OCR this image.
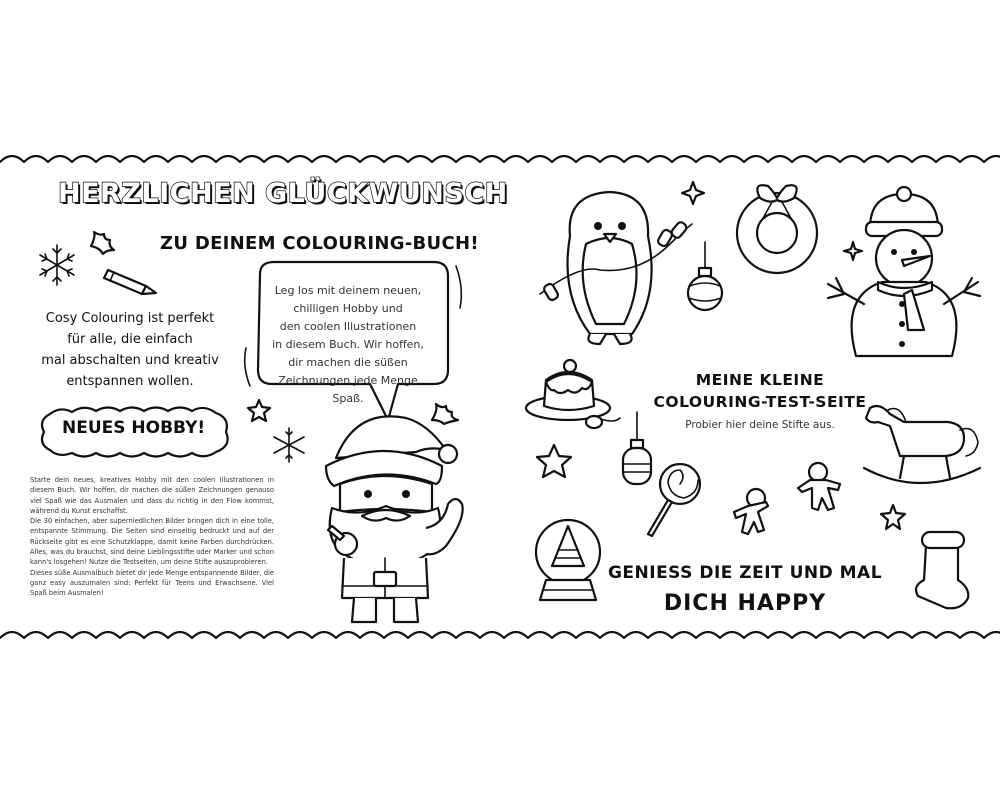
HERZLICHEN GLÜCKWUNSCH
ZU DEINEM COLOURING-BUCH!
Cosy Colouring ist perfekt
für alle, die einfach
mal abschalten und kreativ
entspannen wollen.
NEUES HOBBY!
Leg los mit deinem neuen,
chilligen Hobby und
den coolen Illustrationen
in diesem Buch. Wir hoffen,
dir machen die süßen
Zeichnungen jede Menge Spaß.

Starte dein neues, kreatives Hobby mit den coolen Illustrationen in diesem Buch. Wir hoffen, dir machen die süßen Zeichnungen genauso viel Spaß wie das Ausmalen und dass du richtig in den Flow kommst, während du Kunst erschaffst.

Die 30 einfachen, aber superniedlichen Bilder bringen dich in eine tolle, entspannte Stimmung. Die Seiten sind einseitig bedruckt und auf der Rückseite gibt es eine Schutzklappe, damit keine Farben durchdrücken. Alles, was du brauchst, sind deine Lieblingsstifte oder Marker und schon kann's losgehen! Nutze die Testseiten, um deine Stifte auszuprobieren.

Dieses süße Ausmalbuch bietet dir jede Menge entspannende Bilder, die ganz easy auszumalen sind: Perfekt für Teens und Erwachsene. Viel Spaß beim Ausmalen!

MEINE KLEINE
COLOURING-TEST-SEITE
Probier hier deine Stifte aus.
GENIESS DIE ZEIT UND MAL
DICH HAPPY
